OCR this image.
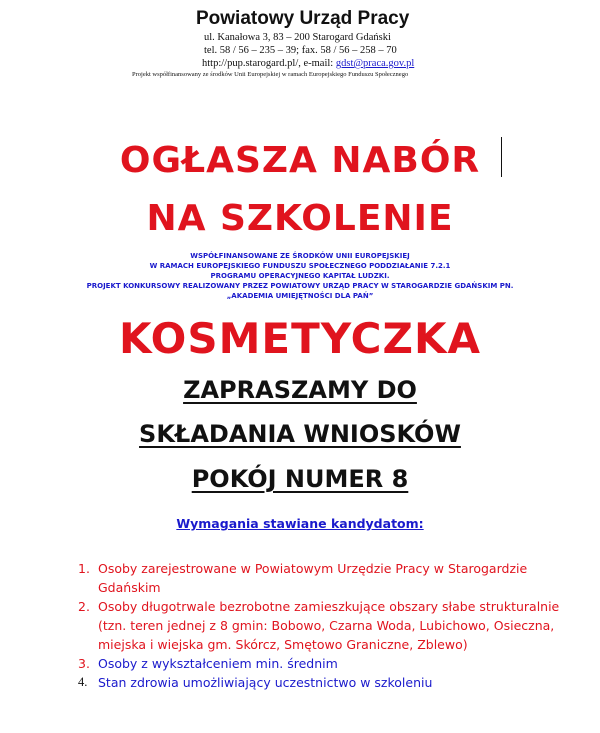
Powiatowy Urząd Pracy
ul. Kanałowa 3, 83 – 200 Starogard Gdański
tel. 58 / 56 – 235 – 39; fax. 58 / 56 – 258 – 70
http://pup.starogard.pl/, e-mail: gdst@praca.gov.pl
Projekt współfinansowany ze środków Unii Europejskiej w ramach Europejskiego Funduszu Społecznego
OGŁASZA NABÓR
NA SZKOLENIE
WSPÓŁFINANSOWANE ZE ŚRODKÓW UNII EUROPEJSKIEJ
W RAMACH EUROPEJSKIEGO FUNDUSZU SPOŁECZNEGO PODDZIAŁANIE 7.2.1
PROGRAMU OPERACYJNEGO KAPITAŁ LUDZKI.
PROJEKT KONKURSOWY REALIZOWANY PRZEZ POWIATOWY URZĄD PRACY W STAROGARDZIE GDAŃSKIM PN.
„AKADEMIA UMIEJĘTNOŚCI DLA PAŃ”
KOSMETYCZKA
ZAPRASZAMY DO
SKŁADANIA WNIOSKÓW
POKÓJ NUMER 8
Wymagania stawiane kandydatom:
1. Osoby zarejestrowane w Powiatowym Urzędzie Pracy w Starogardzie Gdańskim
2. Osoby długotrwale bezrobotne zamieszkujące obszary słabe strukturalnie (tzn. teren jednej z 8 gmin: Bobowo, Czarna Woda, Lubichowo, Osieczna, miejska i wiejska gm. Skórcz, Smętowo Graniczne, Zblewo)
3. Osoby z wykształceniem min. średnim
4. Stan zdrowia umożliwiający uczestnictwo w szkoleniu
